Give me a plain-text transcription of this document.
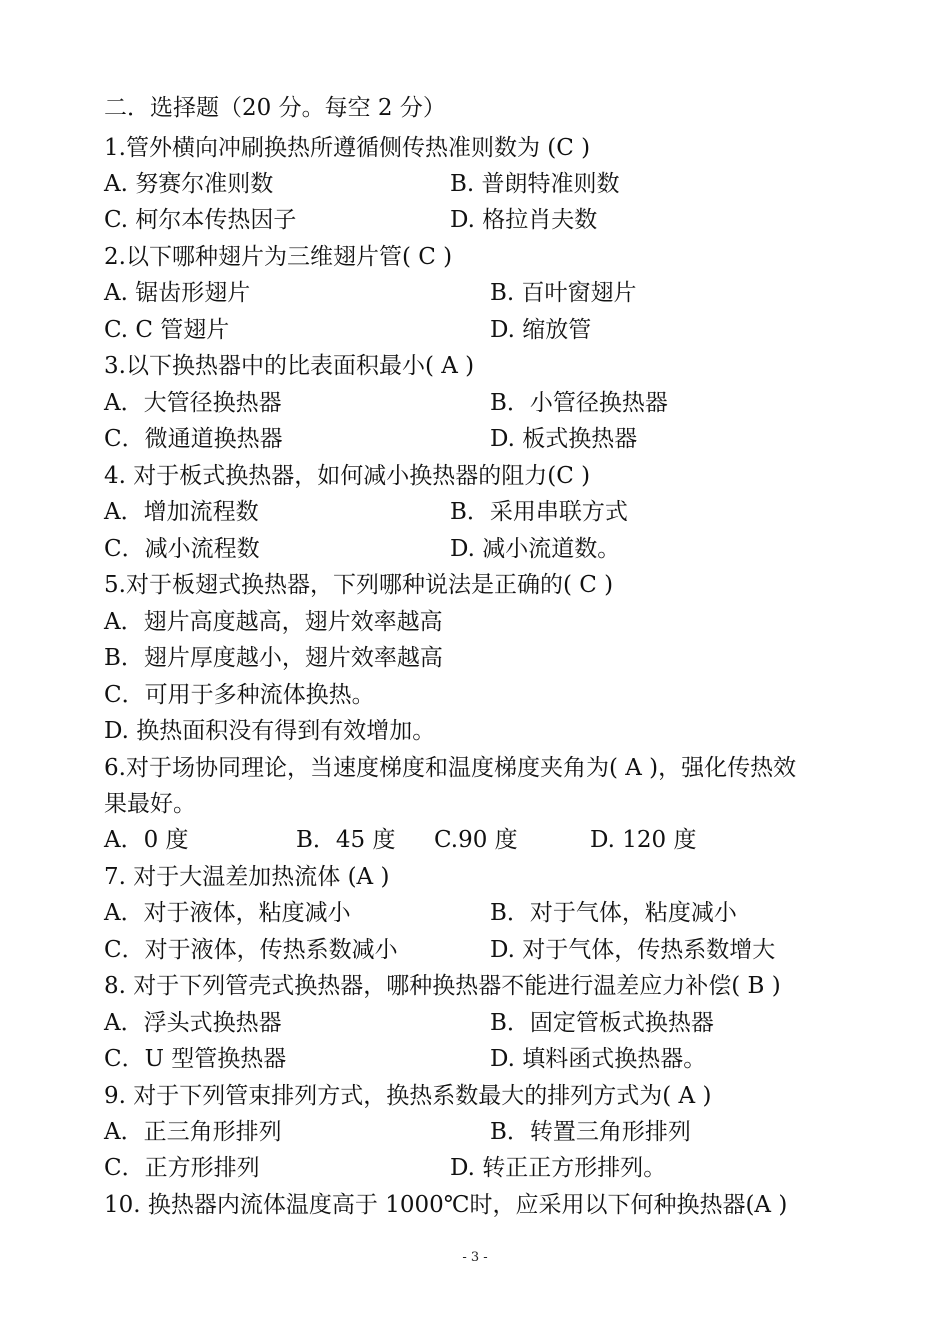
二．选择题（20 分。每空 2 分）
1.管外横向冲刷换热所遵循侧传热准则数为 (C )
A. 努赛尔准则数	B. 普朗特准则数
C. 柯尔本传热因子	D. 格拉肖夫数
2.以下哪种翅片为三维翅片管( C )
A. 锯齿形翅片	B. 百叶窗翅片
C. C 管翅片	D. 缩放管
3.以下换热器中的比表面积最小( A )
A．大管径换热器	B．小管径换热器
C．微通道换热器	D. 板式换热器
4. 对于板式换热器，如何减小换热器的阻力(C )
A．增加流程数	B．采用串联方式
C．减小流程数	D. 减小流道数。
5.对于板翅式换热器，下列哪种说法是正确的( C )
A．翅片高度越高，翅片效率越高
B．翅片厚度越小，翅片效率越高
C．可用于多种流体换热。
D. 换热面积没有得到有效增加。
6.对于场协同理论，当速度梯度和温度梯度夹角为( A )，强化传热效
果最好。
A．0 度	B．45 度 C.90 度	D. 120 度
7. 对于大温差加热流体 (A )
A．对于液体，粘度减小	B．对于气体，粘度减小
C．对于液体，传热系数减小	D. 对于气体，传热系数增大
8. 对于下列管壳式换热器，哪种换热器不能进行温差应力补偿( B )
A．浮头式换热器	B．固定管板式换热器
C．U 型管换热器	D. 填料函式换热器。
9. 对于下列管束排列方式，换热系数最大的排列方式为( A )
A．正三角形排列	B．转置三角形排列
C．正方形排列	D. 转正正方形排列。
10. 换热器内流体温度高于 1000℃时，应采用以下何种换热器(A )
- 3 -
